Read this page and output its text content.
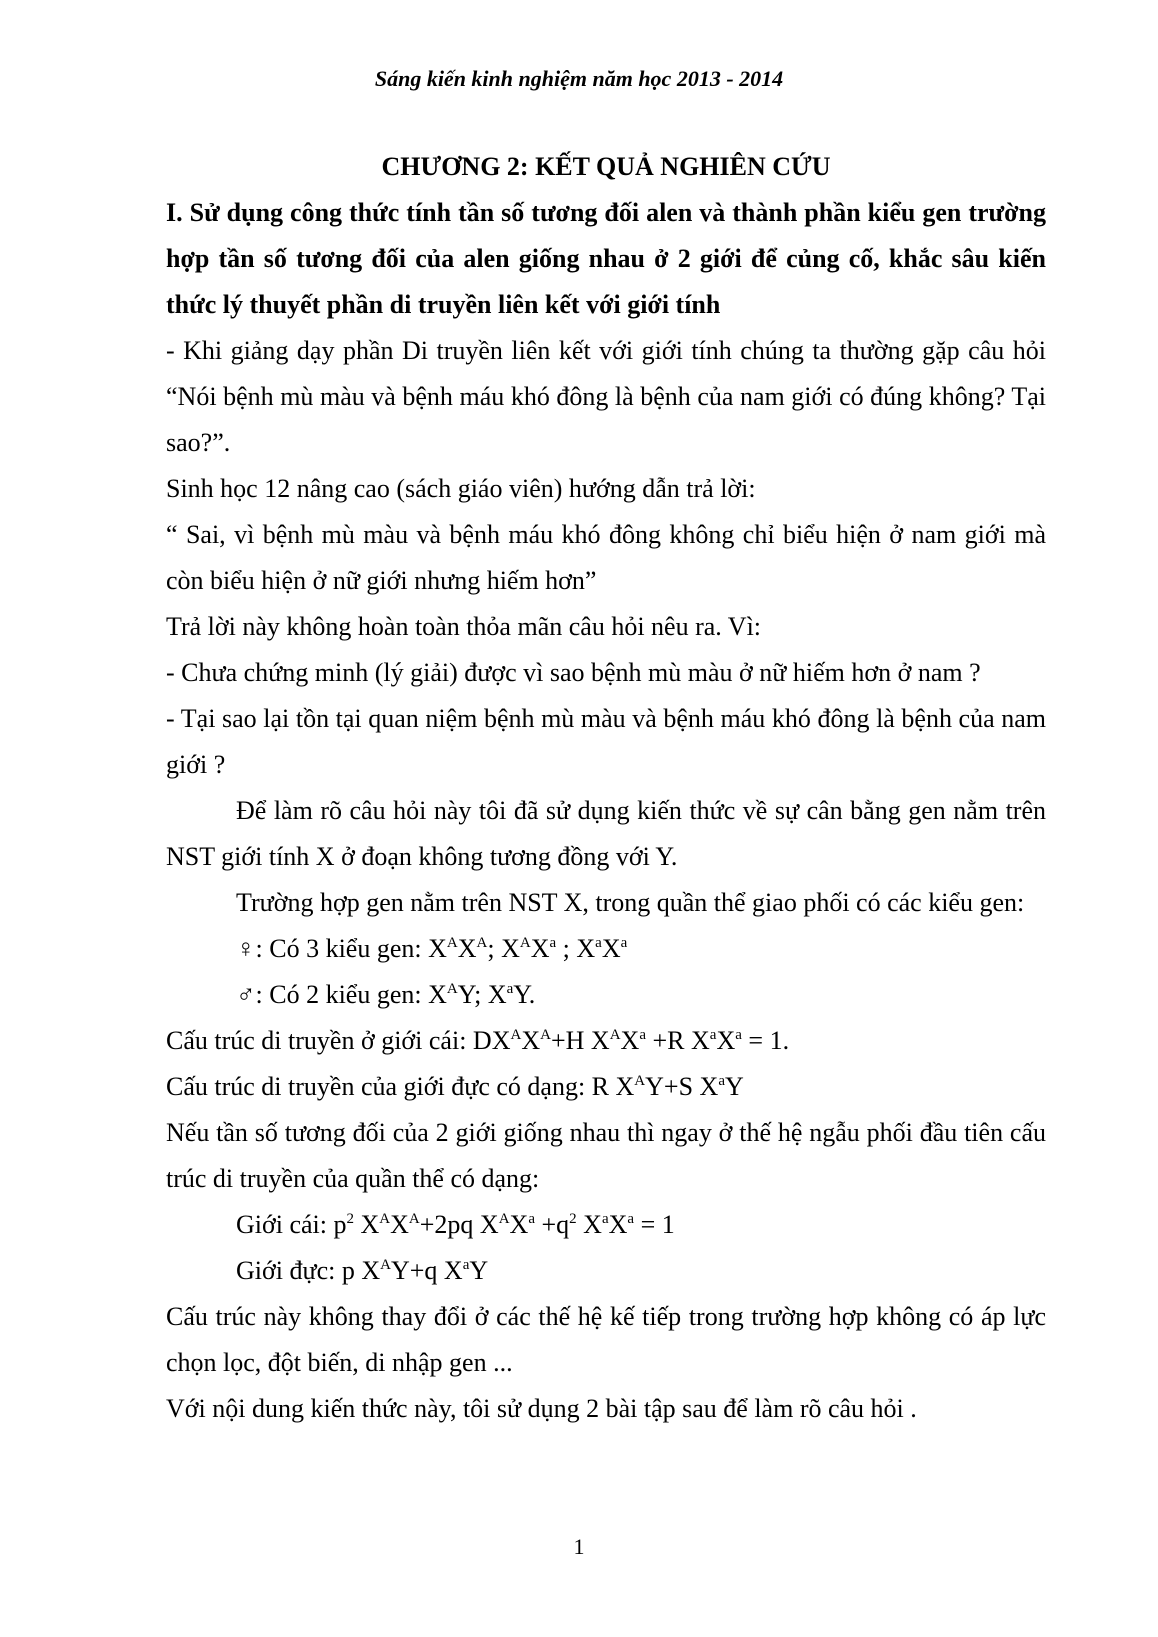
Sáng kiến kinh nghiệm năm học 2013 - 2014

CHƯƠNG 2: KẾT QUẢ NGHIÊN CỨU

I. Sử dụng công thức tính tần số tương đối alen và thành phần kiểu gen trường hợp tần số tương đối của alen giống nhau ở 2 giới để củng cố, khắc sâu kiến thức lý thuyết phần di truyền liên kết với giới tính

- Khi giảng dạy phần Di truyền liên kết với giới tính chúng ta thường gặp câu hỏi “Nói bệnh mù màu và bệnh máu khó đông là bệnh của nam giới có đúng không? Tại sao?”.

Sinh học 12 nâng cao (sách giáo viên) hướng dẫn trả lời:

“ Sai, vì bệnh mù màu và bệnh máu khó đông không chỉ biểu hiện ở nam giới mà còn biểu hiện ở nữ giới nhưng hiếm hơn”

Trả lời này không hoàn toàn thỏa mãn câu hỏi nêu ra. Vì:

- Chưa chứng minh (lý giải) được vì sao bệnh mù màu ở nữ hiếm hơn ở nam ?

- Tại sao lại tồn tại quan niệm bệnh mù màu và bệnh máu khó đông là bệnh của nam giới ?

Để làm rõ câu hỏi này tôi đã sử dụng kiến thức về sự cân bằng gen nằm trên NST giới tính X ở đoạn không tương đồng với Y.

Trường hợp gen nằm trên NST X, trong quần thể giao phối có các kiểu gen:

♀: Có 3 kiểu gen: $X^AX^A$; $X^AX^a$ ; $X^aX^a$

♂: Có 2 kiểu gen: $X^AY$; $X^aY$.

Cấu trúc di truyền ở giới cái: $DX^AX^A+H$ $X^AX^a +R$ $X^aX^a = 1$.

Cấu trúc di truyền của giới đực có dạng: R $X^AY+S$ $X^aY$

Nếu tần số tương đối của 2 giới giống nhau thì ngay ở thế hệ ngẫu phối đầu tiên cấu trúc di truyền của quần thể có dạng:

Giới cái: $p^2$ $X^AX^A+2pq$ $X^AX^a +q^2$ $X^aX^a = 1$

Giới đực: p $X^AY+q$ $X^aY$

Cấu trúc này không thay đổi ở các thế hệ kế tiếp trong trường hợp không có áp lực chọn lọc, đột biến, di nhập gen ...

Với nội dung kiến thức này, tôi sử dụng 2 bài tập sau để làm rõ câu hỏi .

1
